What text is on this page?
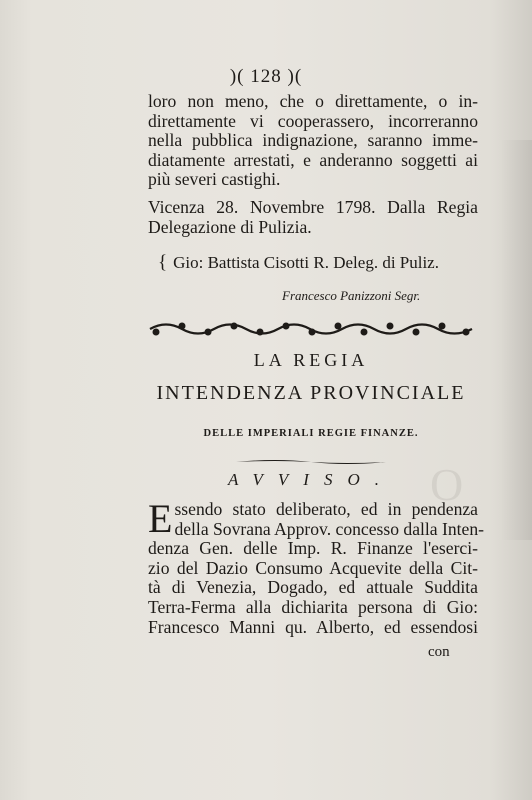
O
)( 128 )(
loro non meno, che o direttamente, o in-
direttamente vi cooperassero, incorreranno
nella pubblica indignazione, saranno imme-
diatamente arrestati, e anderanno soggetti ai
più severi castighi.
Vicenza 28. Novembre 1798. Dalla Regia
Delegazione di Pulizia.
{ Gio: Battista Cisotti R. Deleg. di Puliz.
Francesco Panizzoni Segr.
LA REGIA
INTENDENZA PROVINCIALE
DELLE IMPERIALI REGIE FINANZE.
AVVISO.
E ssendo stato deliberato, ed in pendenza
della Sovrana Approv. concesso dalla Inten-
denza Gen. delle Imp. R. Finanze l'eserci-
zio del Dazio Consumo Acquevite della Cit-
tà di Venezia, Dogado, ed attuale Suddita
Terra-Ferma alla dichiarita persona di Gio:
Francesco Manni qu. Alberto, ed essendosi
con
